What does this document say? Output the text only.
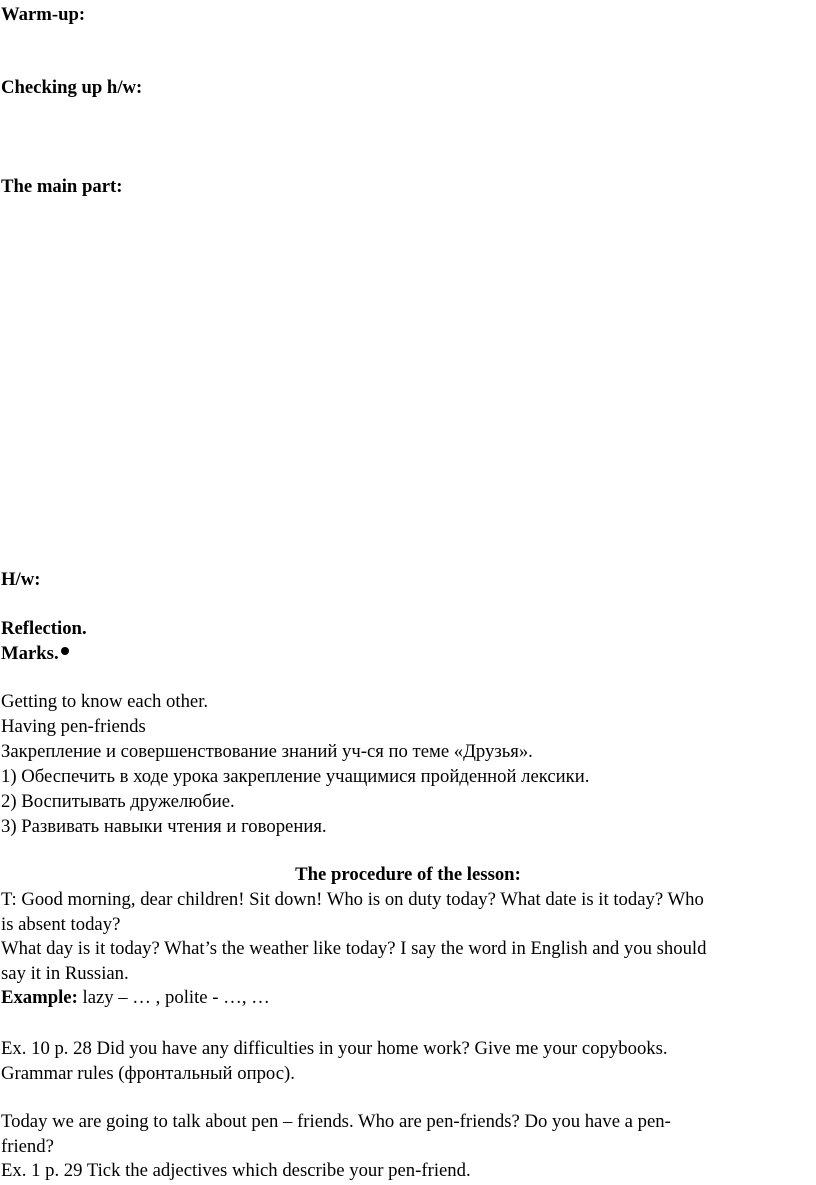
Warm-up:
Checking up h/w:
The main part:
H/w:
Reflection.
Marks.
Getting to know each other.
Having pen-friends
Закрепление и совершенствование знаний уч-ся по теме «Друзья».
1) Обеспечить в ходе урока закрепление учащимися пройденной лексики.
2) Воспитывать дружелюбие.
3) Развивать навыки чтения и говорения.
The procedure of the lesson:
T: Good morning, dear children! Sit down! Who is on duty today? What date is it today? Who
is absent today?
What day is it today? What’s the weather like today? I say the word in English and you should
say it in Russian.
Example: lazy – … , polite - …, …
Ex. 10 p. 28 Did you have any difficulties in your home work? Give me your copybooks.
Grammar rules (фронтальный опрос).
Today we are going to talk about pen – friends. Who are pen-friends? Do you have a pen-
friend?
Ex. 1 p. 29 Tick the adjectives which describe your pen-friend.
